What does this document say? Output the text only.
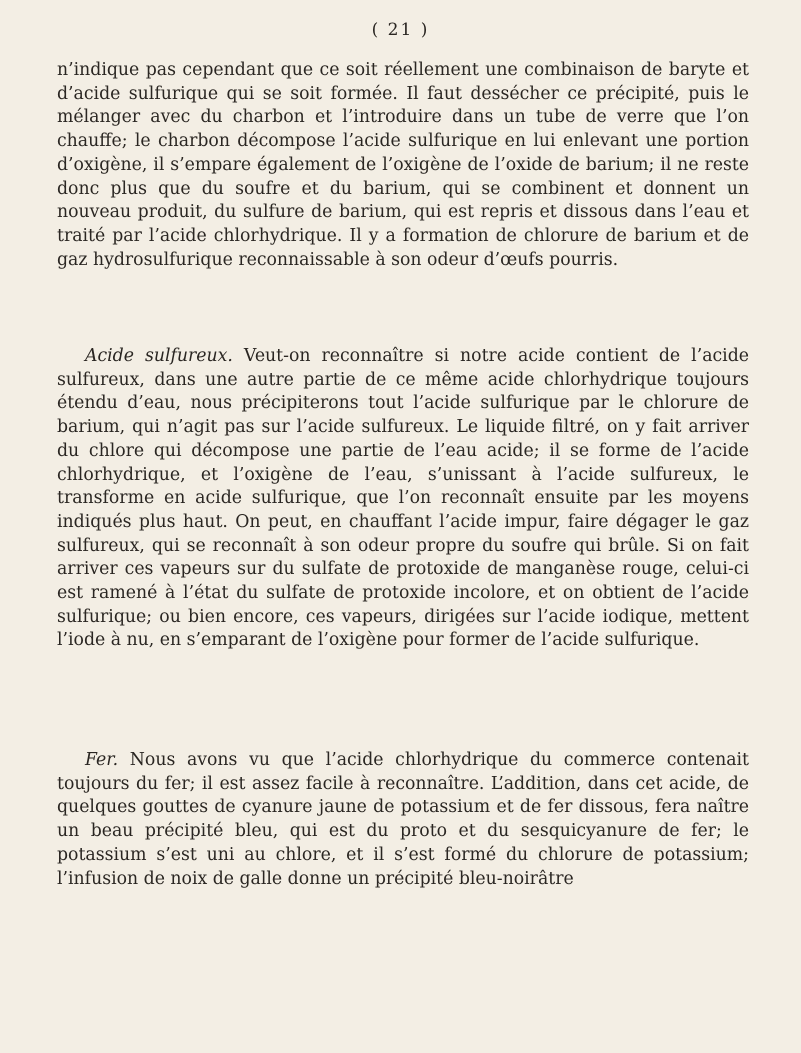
( 21 )

n’indique pas cependant que ce soit réellement une combinaison de baryte et d’acide sulfurique qui se soit formée. Il faut dessécher ce précipité, puis le mélanger avec du charbon et l’introduire dans un tube de verre que l’on chauffe; le charbon décompose l’acide sulfurique en lui enlevant une portion d’oxigène, il s’empare également de l’oxigène de l’oxide de barium; il ne reste donc plus que du soufre et du barium, qui se combinent et donnent un nouveau produit, du sulfure de barium, qui est repris et dissous dans l’eau et traité par l’acide chlorhydrique. Il y a formation de chlorure de barium et de gaz hydrosulfurique reconnaissable à son odeur d’œufs pourris.

Acide sulfureux. Veut-on reconnaître si notre acide contient de l’acide sulfureux, dans une autre partie de ce même acide chlorhydrique toujours étendu d’eau, nous précipiterons tout l’acide sulfurique par le chlorure de barium, qui n’agit pas sur l’acide sulfureux. Le liquide filtré, on y fait arriver du chlore qui décompose une partie de l’eau acide; il se forme de l’acide chlorhydrique, et l’oxigène de l’eau, s’unissant à l’acide sulfureux, le transforme en acide sulfurique, que l’on reconnaît ensuite par les moyens indiqués plus haut. On peut, en chauffant l’acide impur, faire dégager le gaz sulfureux, qui se reconnaît à son odeur propre du soufre qui brûle. Si on fait arriver ces vapeurs sur du sulfate de protoxide de manganèse rouge, celui-ci est ramené à l’état du sulfate de protoxide incolore, et on obtient de l’acide sulfurique; ou bien encore, ces vapeurs, dirigées sur l’acide iodique, mettent l’iode à nu, en s’emparant de l’oxigène pour former de l’acide sulfurique.

Fer. Nous avons vu que l’acide chlorhydrique du commerce contenait toujours du fer; il est assez facile à reconnaître. L’addition, dans cet acide, de quelques gouttes de cyanure jaune de potassium et de fer dissous, fera naître un beau précipité bleu, qui est du proto et du sesquicyanure de fer; le potassium s’est uni au chlore, et il s’est formé du chlorure de potassium; l’infusion de noix de galle donne un précipité bleu-noirâtre
